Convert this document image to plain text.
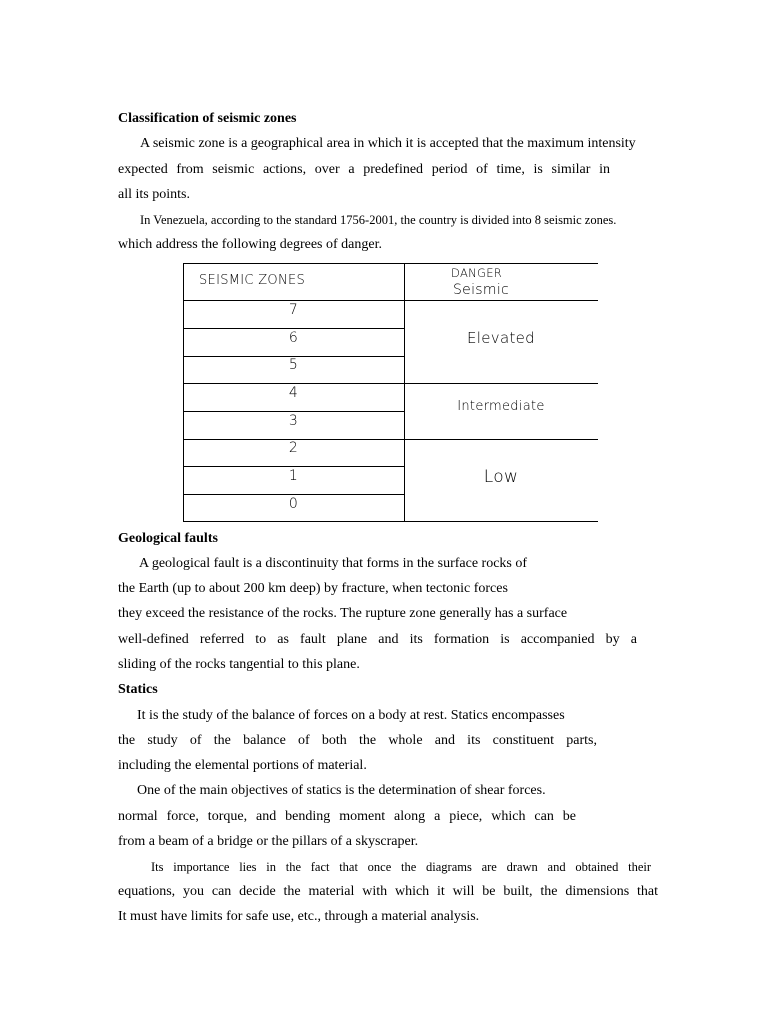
Classification of seismic zones
A seismic zone is a geographical area in which it is accepted that the maximum intensity
expected from seismic actions, over a predefined period of time, is similar in
all its points.
In Venezuela, according to the standard 1756-2001, the country is divided into 8 seismic zones.
which address the following degrees of danger.
SEISMIC ZONES	DANGER
Seismic
7
6
5
4
3
2
1
0
Elevated
Intermediate
Low
Geological faults
A geological fault is a discontinuity that forms in the surface rocks of
the Earth (up to about 200 km deep) by fracture, when tectonic forces
they exceed the resistance of the rocks. The rupture zone generally has a surface
well-defined referred to as fault plane and its formation is accompanied by a
sliding of the rocks tangential to this plane.
Statics
It is the study of the balance of forces on a body at rest. Statics encompasses
the study of the balance of both the whole and its constituent parts,
including the elemental portions of material.
One of the main objectives of statics is the determination of shear forces.
normal force, torque, and bending moment along a piece, which can be
from a beam of a bridge or the pillars of a skyscraper.
Its importance lies in the fact that once the diagrams are drawn and obtained their
equations, you can decide the material with which it will be built, the dimensions that
It must have limits for safe use, etc., through a material analysis.
